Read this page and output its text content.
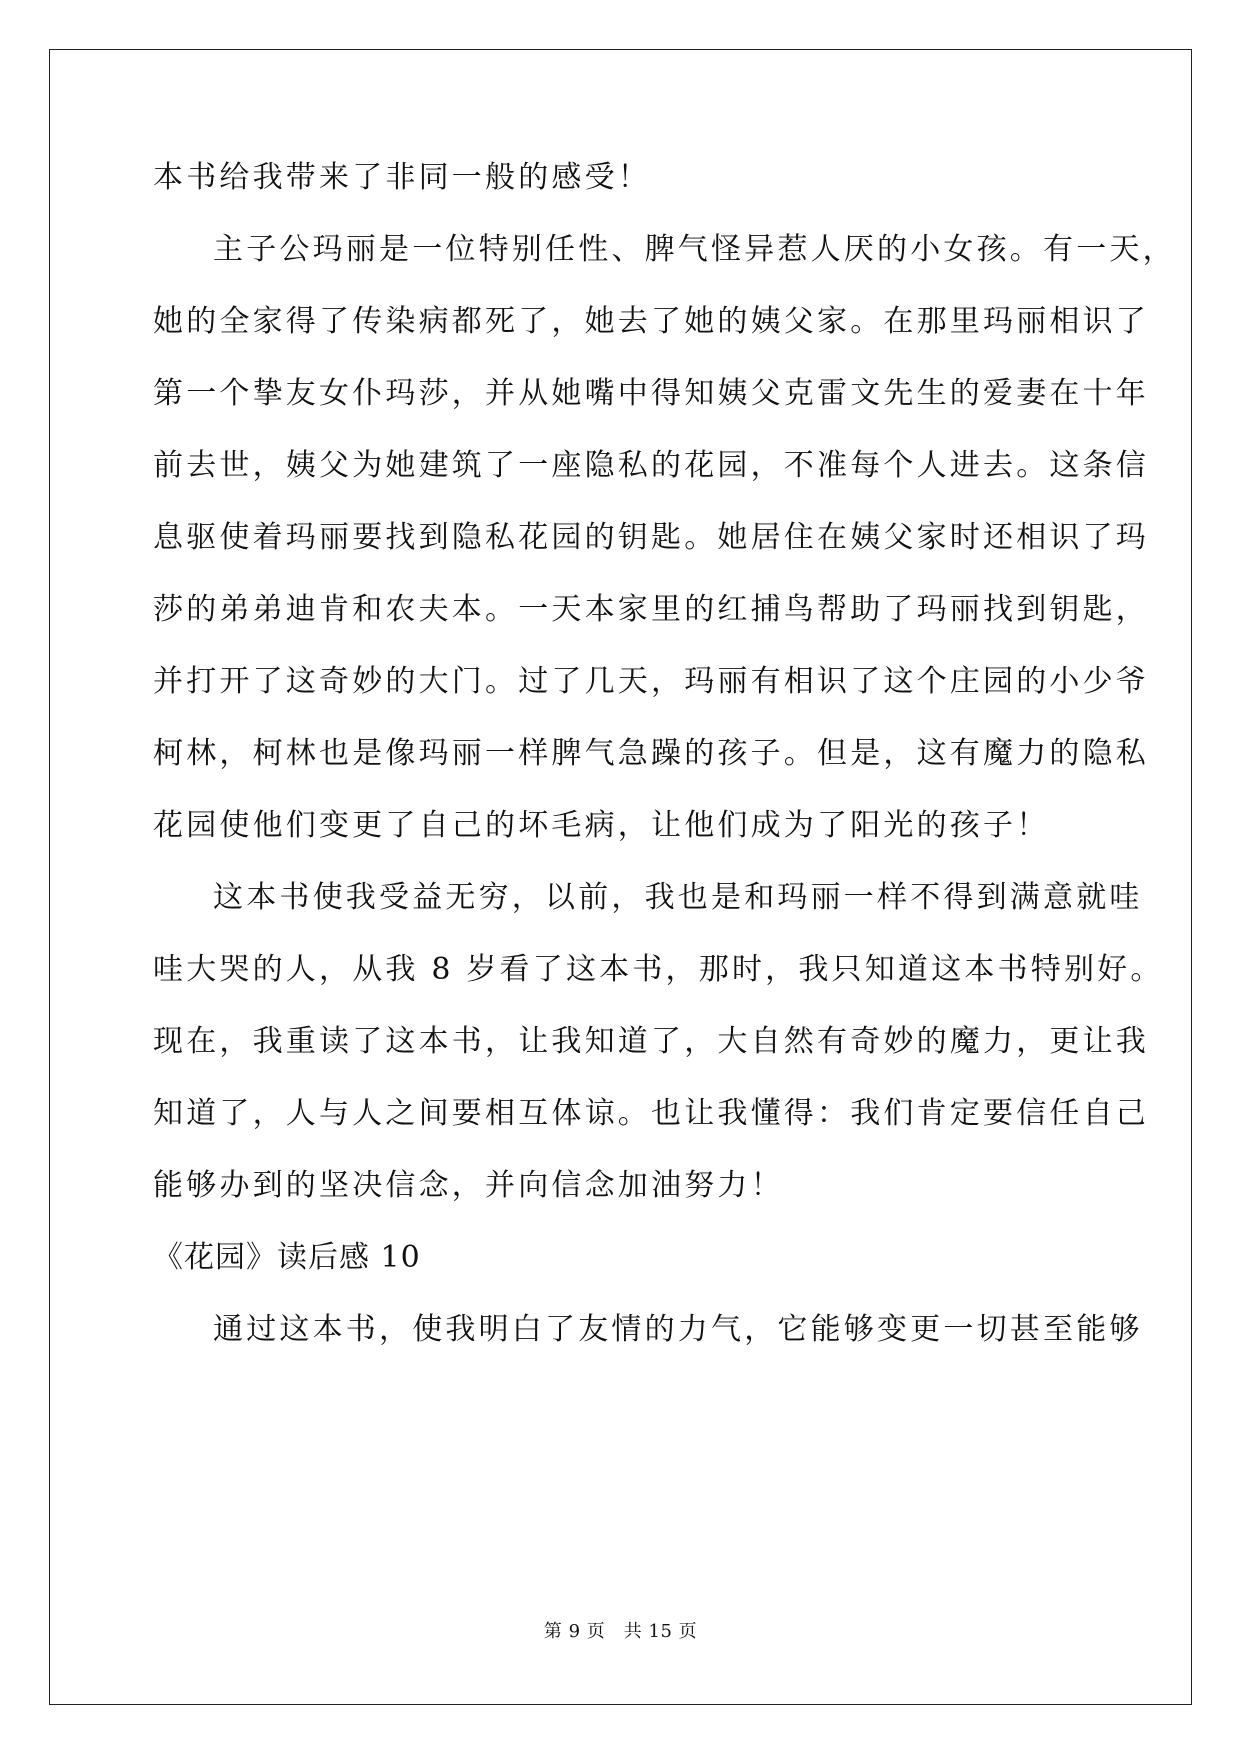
本书给我带来了非同一般的感受！
主子公玛丽是一位特别任性、脾气怪异惹人厌的小女孩。有一天，
她的全家得了传染病都死了，她去了她的姨父家。在那里玛丽相识了
第一个挚友女仆玛莎，并从她嘴中得知姨父克雷文先生的爱妻在十年
前去世，姨父为她建筑了一座隐私的花园，不准每个人进去。这条信
息驱使着玛丽要找到隐私花园的钥匙。她居住在姨父家时还相识了玛
莎的弟弟迪肯和农夫本。一天本家里的红捕鸟帮助了玛丽找到钥匙，
并打开了这奇妙的大门。过了几天，玛丽有相识了这个庄园的小少爷
柯林，柯林也是像玛丽一样脾气急躁的孩子。但是，这有魔力的隐私
花园使他们变更了自己的坏毛病，让他们成为了阳光的孩子！
这本书使我受益无穷，以前，我也是和玛丽一样不得到满意就哇
哇大哭的人，从我 8 岁看了这本书，那时，我只知道这本书特别好。
现在，我重读了这本书，让我知道了，大自然有奇妙的魔力，更让我
知道了，人与人之间要相互体谅。也让我懂得：我们肯定要信任自己
能够办到的坚决信念，并向信念加油努力！
《花园》读后感 10
通过这本书，使我明白了友情的力气，它能够变更一切甚至能够
第 9 页　共 15 页
